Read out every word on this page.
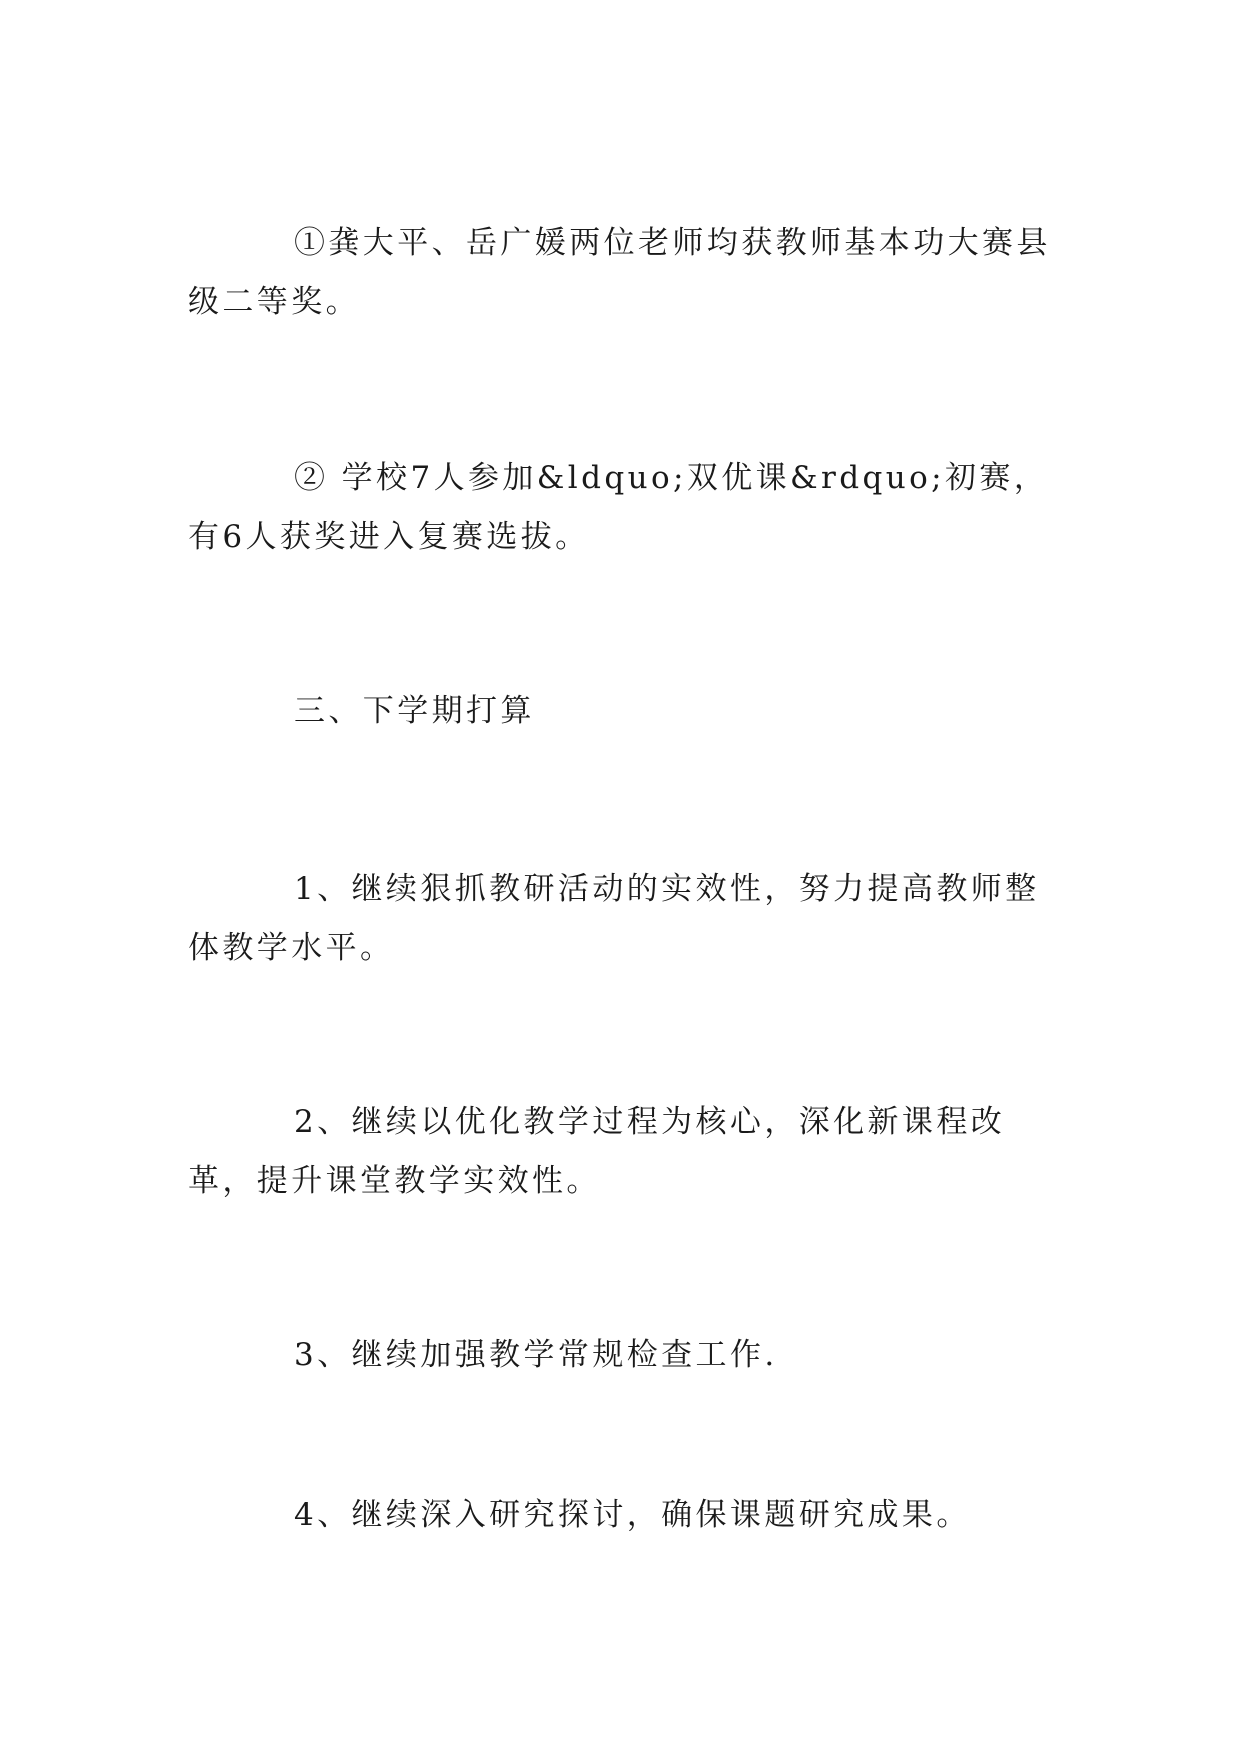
①龚大平、岳广媛两位老师均获教师基本功大赛县级二等奖。

② 学校7人参加&ldquo;双优课&rdquo;初赛，有6人获奖进入复赛选拔。

三、下学期打算

1、继续狠抓教研活动的实效性，努力提高教师整体教学水平。

2、继续以优化教学过程为核心，深化新课程改革，提升课堂教学实效性。

3、继续加强教学常规检查工作.

4、继续深入研究探讨，确保课题研究成果。
